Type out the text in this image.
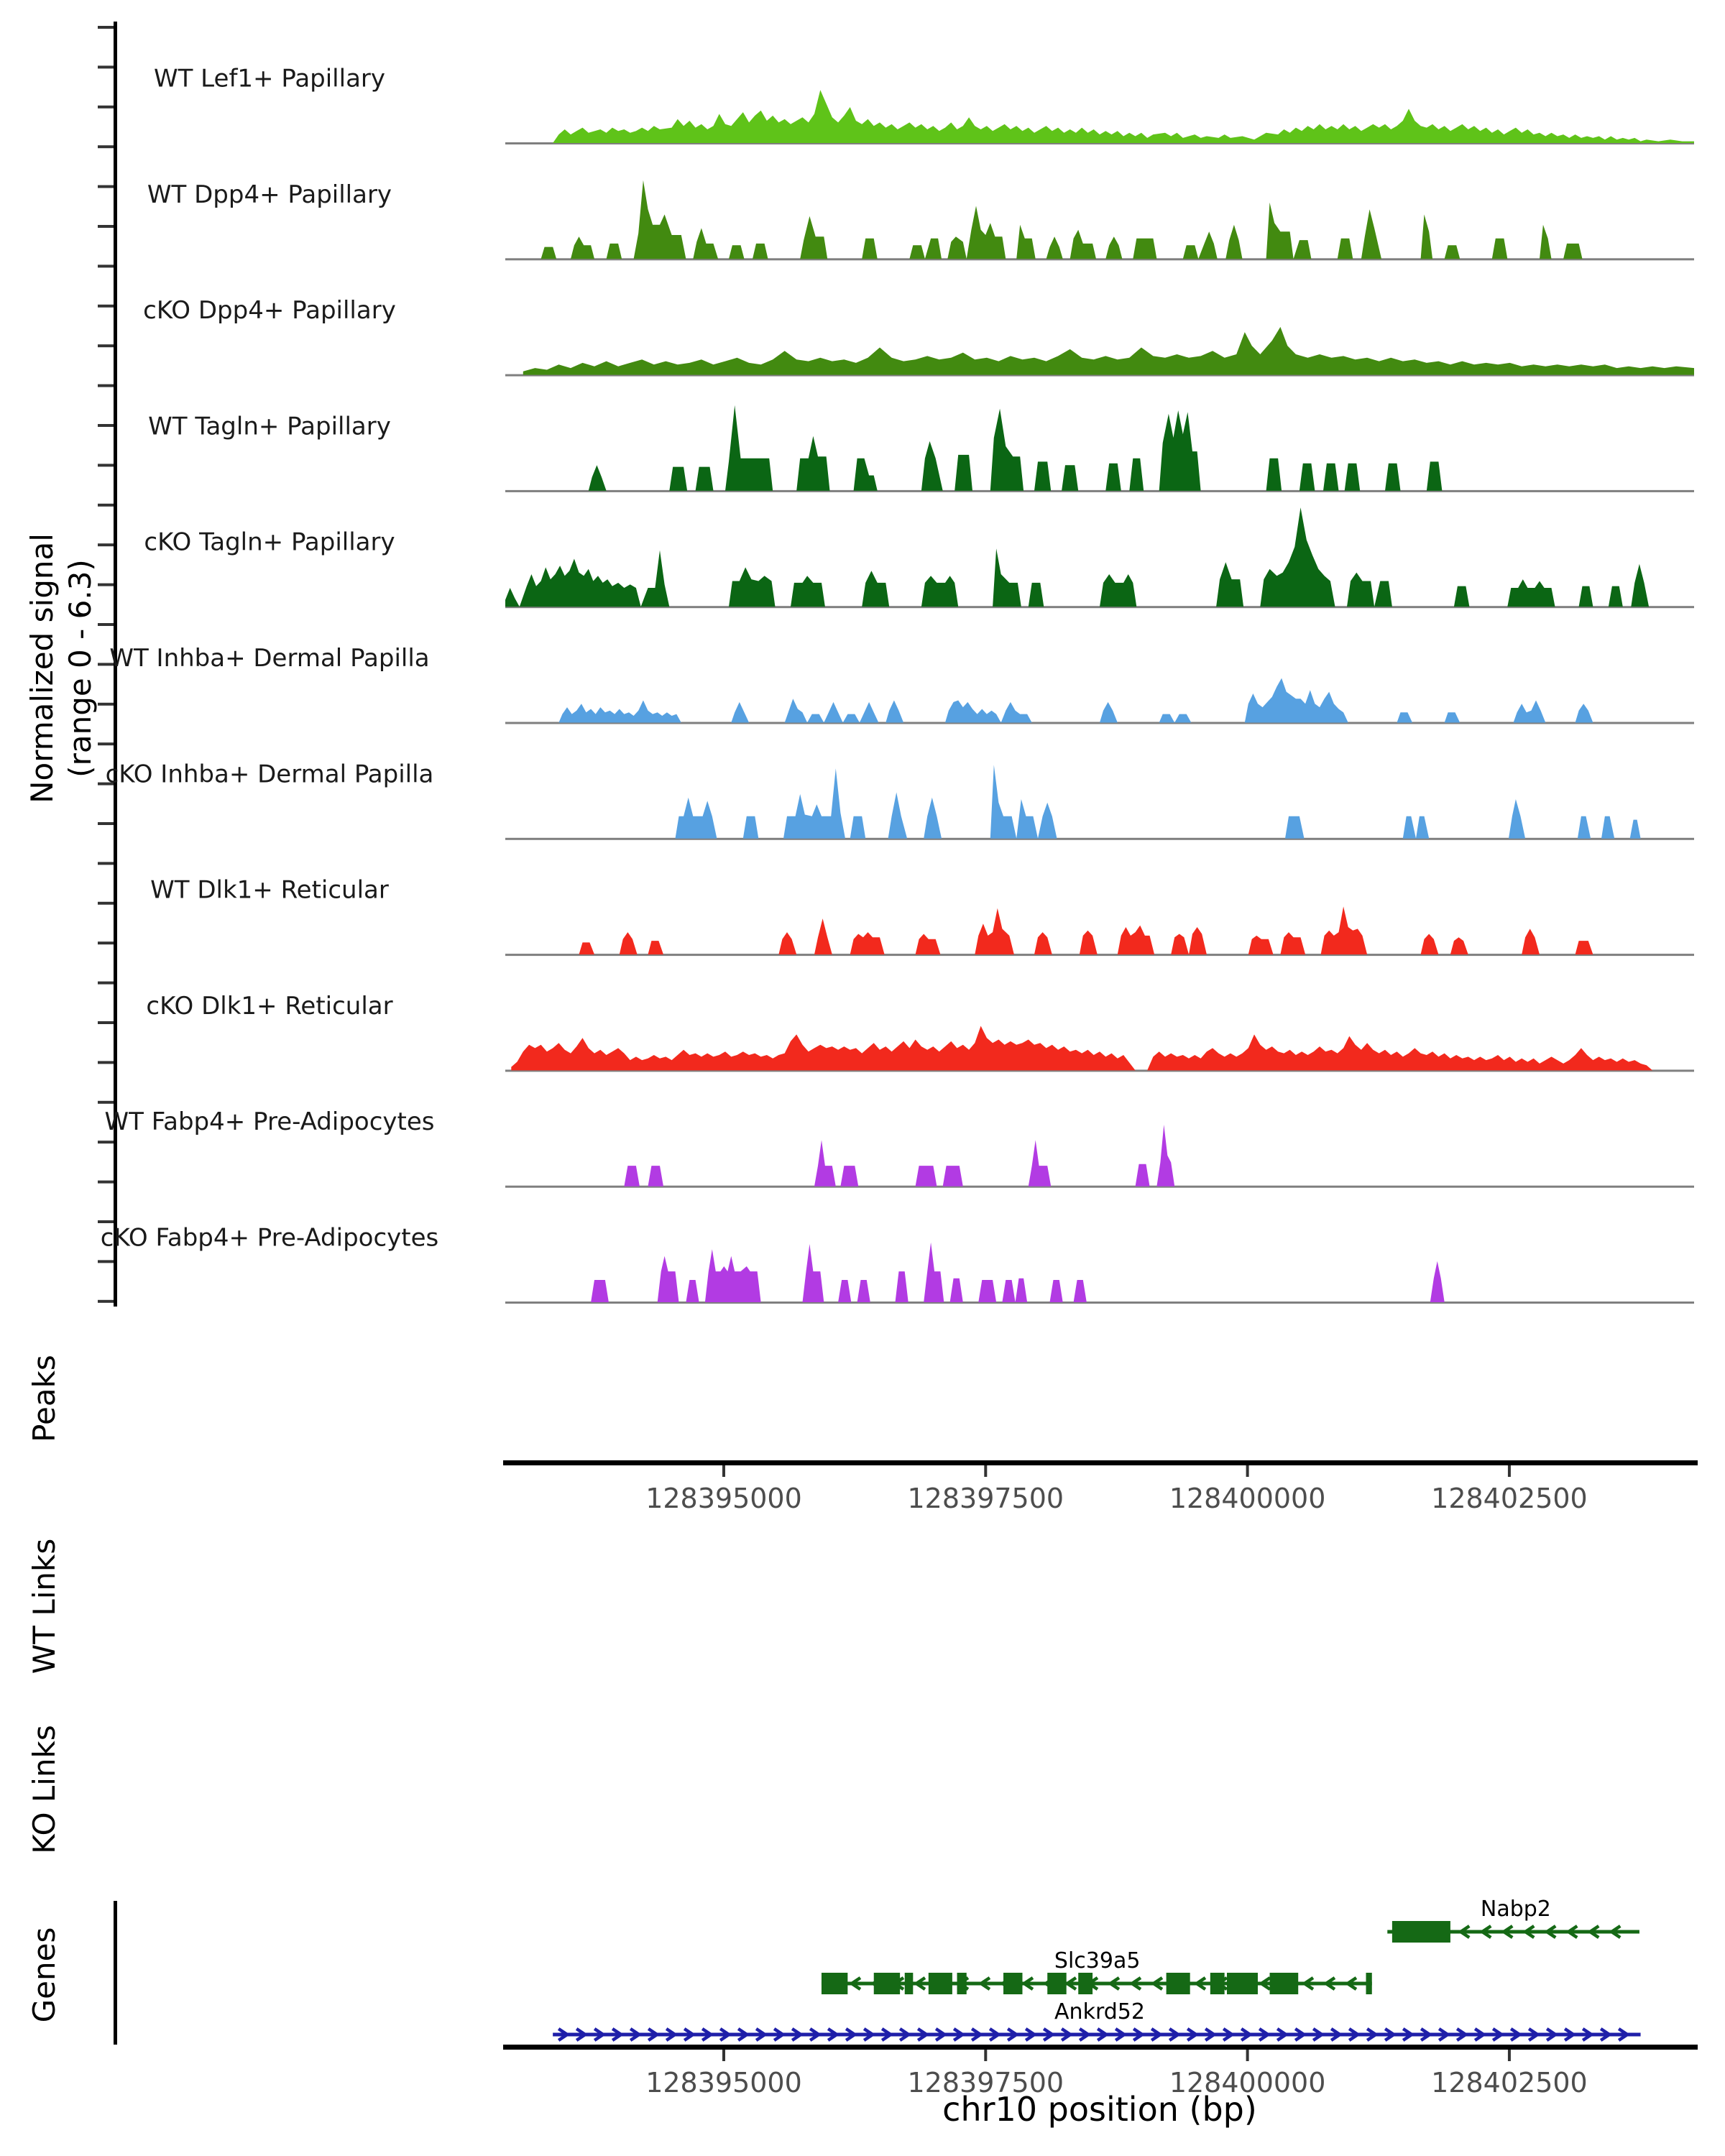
WT Lef1+ Papillary
WT Dpp4+ Papillary
cKO Dpp4+ Papillary
WT Tagln+ Papillary
cKO Tagln+ Papillary
WT Inhba+ Dermal Papilla
cKO Inhba+ Dermal Papilla
WT Dlk1+ Reticular
cKO Dlk1+ Reticular
WT Fabp4+ Pre-Adipocytes
cKO Fabp4+ Pre-Adipocytes
128395000	128397500	128400000	128402500
128395000	128397500	128400000	128402500
Nabp2
Slc39a5
Ankrd52
Normalized signal
(range 0 - 6.3)
Peaks
WT Links
KO Links
Genes
chr10 position (bp)
